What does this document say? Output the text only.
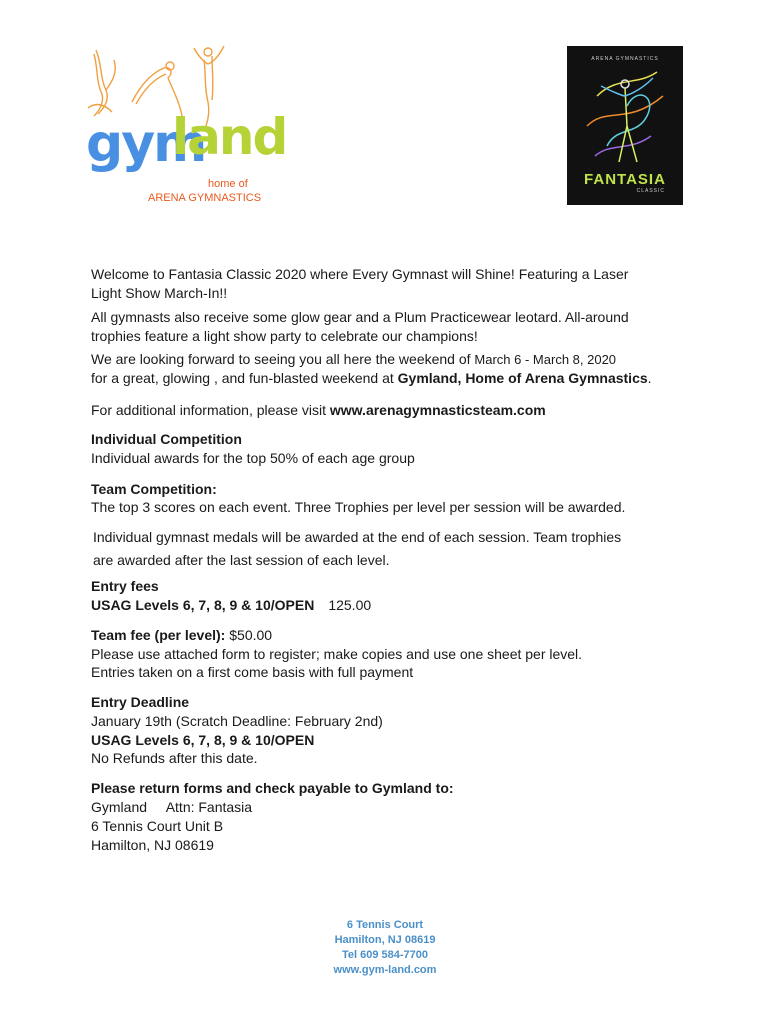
gym
land
home of
ARENA GYMNASTICS
ARENA GYMNASTICS
FANTASIA
CLASSIC
Welcome to Fantasia Classic 2020 where Every Gymnast will Shine! Featuring a Laser
Light Show March-In!!
All gymnasts also receive some glow gear and a Plum Practicewear leotard. All-around
trophies feature a light show party to celebrate our champions!
We are looking forward to seeing you all here the weekend of March 6 - March 8, 2020
for a great, glowing , and fun-blasted weekend at Gymland, Home of Arena Gymnastics.
For additional information, please visit www.arenagymnasticsteam.com
Individual Competition
Individual awards for the top 50% of each age group
Team Competition:
The top 3 scores on each event. Three Trophies per level per session will be awarded.
Individual gymnast medals will be awarded at the end of each session. Team trophies
are awarded after the last session of each level.
Entry fees
USAG Levels 6, 7, 8, 9 & 10/OPEN 125.00
Team fee (per level): $50.00
Please use attached form to register; make copies and use one sheet per level.
Entries taken on a first come basis with full payment
Entry Deadline
January 19th (Scratch Deadline: February 2nd)
USAG Levels 6, 7, 8, 9 & 10/OPEN
No Refunds after this date.
Please return forms and check payable to Gymland to:
Gymland     Attn: Fantasia
6 Tennis Court Unit B
Hamilton, NJ 08619
6 Tennis Court
Hamilton, NJ 08619
Tel 609 584-7700
www.gym-land.com
